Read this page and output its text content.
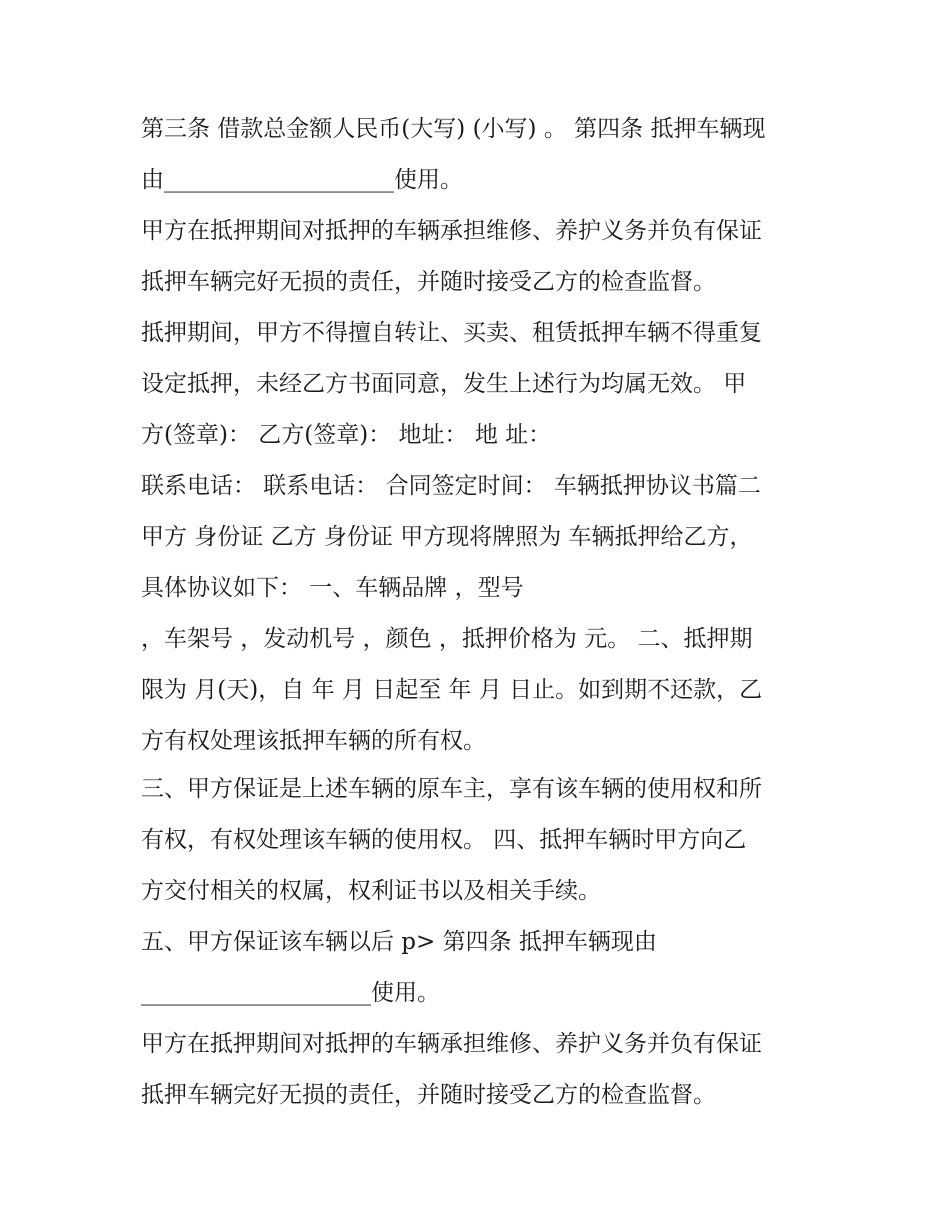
第三条 借款总金额人民币(大写) (小写) 。 第四条 抵押车辆现

由____________________使用。

甲方在抵押期间对抵押的车辆承担维修、养护义务并负有保证

抵押车辆完好无损的责任，并随时接受乙方的检查监督。

抵押期间，甲方不得擅自转让、买卖、租赁抵押车辆不得重复

设定抵押，未经乙方书面同意，发生上述行为均属无效。 甲

方(签章)： 乙方(签章)： 地址： 地 址：

联系电话： 联系电话： 合同签定时间： 车辆抵押协议书篇二

甲方 身份证 乙方 身份证 甲方现将牌照为 车辆抵押给乙方，

具体协议如下： 一、车辆品牌 ，型号

，车架号 ，发动机号 ，颜色 ，抵押价格为 元。 二、抵押期

限为 月(天)，自 年 月 日起至 年 月 日止。如到期不还款，乙

方有权处理该抵押车辆的所有权。

三、甲方保证是上述车辆的原车主，享有该车辆的使用权和所

有权，有权处理该车辆的使用权。 四、抵押车辆时甲方向乙

方交付相关的权属，权利证书以及相关手续。

五、甲方保证该车辆以后 p> 第四条 抵押车辆现由

____________________使用。

甲方在抵押期间对抵押的车辆承担维修、养护义务并负有保证

抵押车辆完好无损的责任，并随时接受乙方的检查监督。
